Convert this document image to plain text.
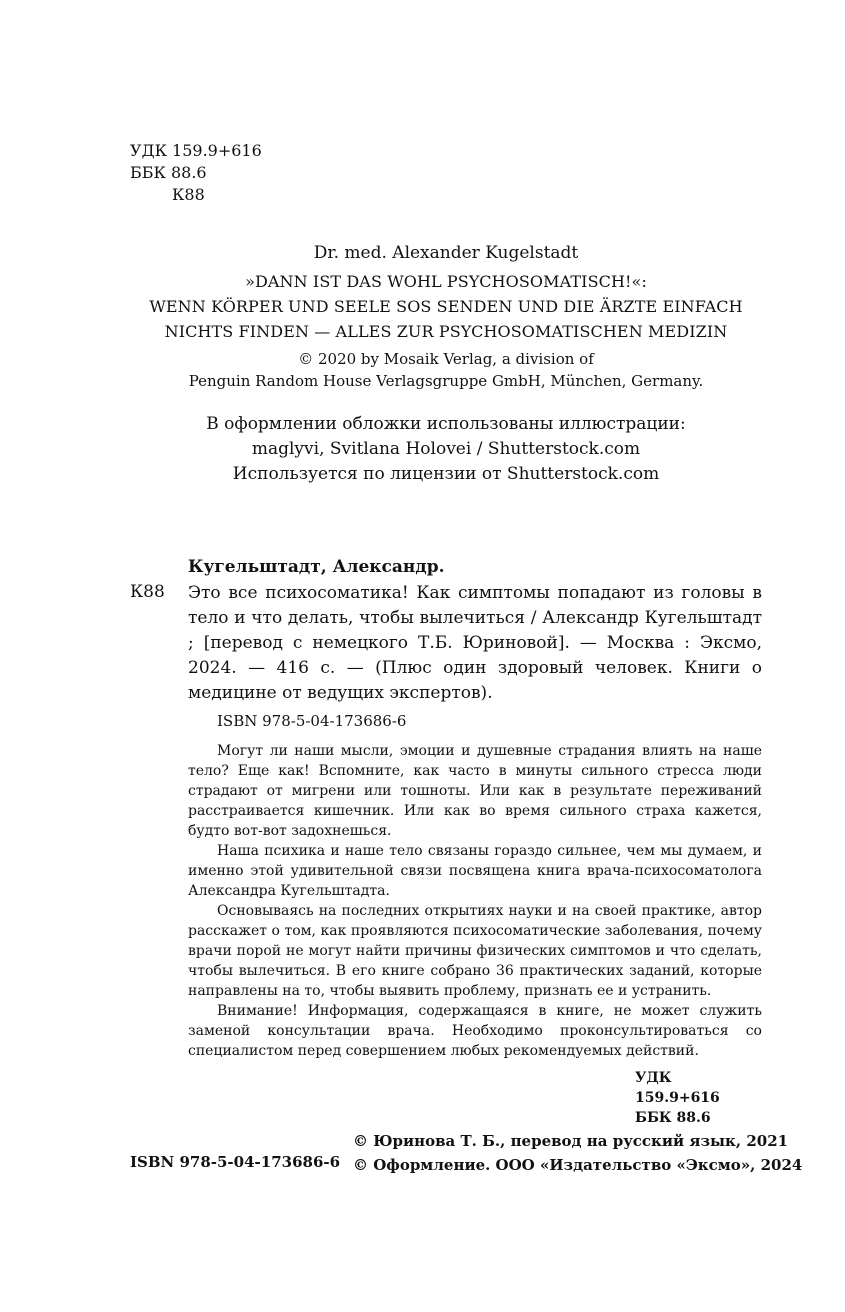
УДК 159.9+616
ББК 88.6
К88
Dr. med. Alexander Kugelstadt
»DANN IST DAS WOHL PSYCHOSOMATISCH!«:
WENN KÖRPER UND SEELE SOS SENDEN UND DIE ÄRZTE EINFACH
NICHTS FINDEN — ALLES ZUR PSYCHOSOMATISCHEN MEDIZIN
© 2020 by Mosaik Verlag, a division of
Penguin Random House Verlagsgruppe GmbH, München, Germany.
В оформлении обложки использованы иллюстрации:
maglyvi, Svitlana Holovei / Shutterstock.com
Используется по лицензии от Shutterstock.com
Кугельштадт, Александр.
К88 Это все психосоматика! Как симптомы попадают из головы в тело и что делать, чтобы вылечиться / Александр Кугельштадт ; [перевод с немецкого Т.Б. Юриновой]. — Москва : Эксмо, 2024. — 416 с. — (Плюс один здоровый человек. Книги о медицине от ведущих экспертов).
ISBN 978-5-04-173686-6

Могут ли наши мысли, эмоции и душевные страдания влиять на наше тело? Еще как! Вспомните, как часто в минуты сильного стресса люди страдают от мигрени или тошноты. Или как в результате переживаний расстраивается кишечник. Или как во время сильного страха кажется, будто вот-вот задохнешься.

Наша психика и наше тело связаны гораздо сильнее, чем мы думаем, и именно этой удивительной связи посвящена книга врача-психосоматолога Александра Кугельштадта.

Основываясь на последних открытиях науки и на своей практике, автор расскажет о том, как проявляются психосоматические заболевания, почему врачи порой не могут найти причины физических симптомов и что сделать, чтобы вылечиться. В его книге собрано 36 практических заданий, которые направлены на то, чтобы выявить проблему, признать ее и устранить.

Внимание! Информация, содержащаяся в книге, не может служить заменой консультации врача. Необходимо проконсультироваться со специалистом перед совершением любых рекомендуемых действий.

УДК 159.9+616
ББК 88.6
ISBN 978-5-04-173686-6
© Юринова Т. Б., перевод на русский язык, 2021
© Оформление. ООО «Издательство «Эксмо», 2024
